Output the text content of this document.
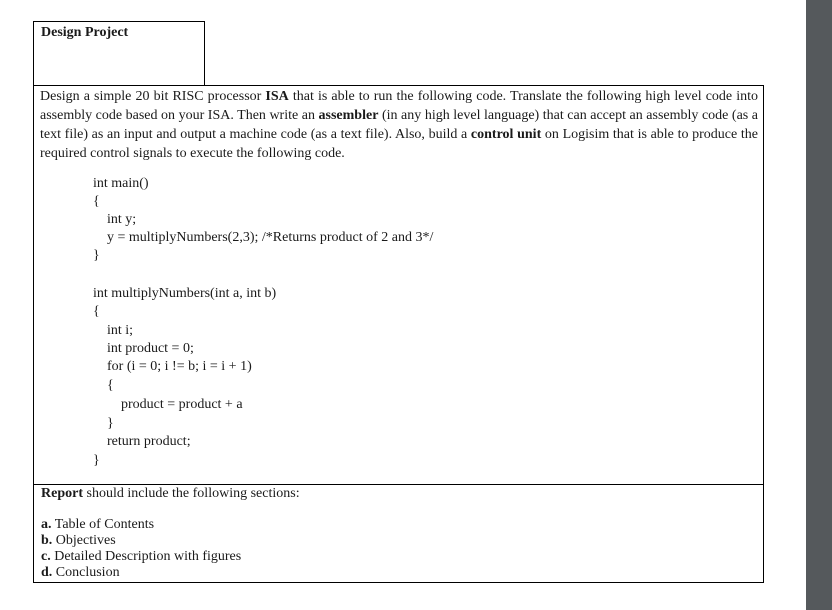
Design Project
Design a simple 20 bit RISC processor ISA that is able to run the following code. Translate the following high level code into assembly code based on your ISA. Then write an assembler (in any high level language) that can accept an assembly code (as a text file) as an input and output a machine code (as a text file). Also, build a control unit on Logisim that is able to produce the required control signals to execute the following code.
int main()
{
int y;
y = multiplyNumbers(2,3); /*Returns product of 2 and 3*/
}
int multiplyNumbers(int a, int b)
{
int i;
int product = 0;
for (i = 0; i != b; i = i + 1)
{
product = product + a
}
return product;
}
Report should include the following sections:
a. Table of Contents
b. Objectives
c. Detailed Description with figures
d. Conclusion
